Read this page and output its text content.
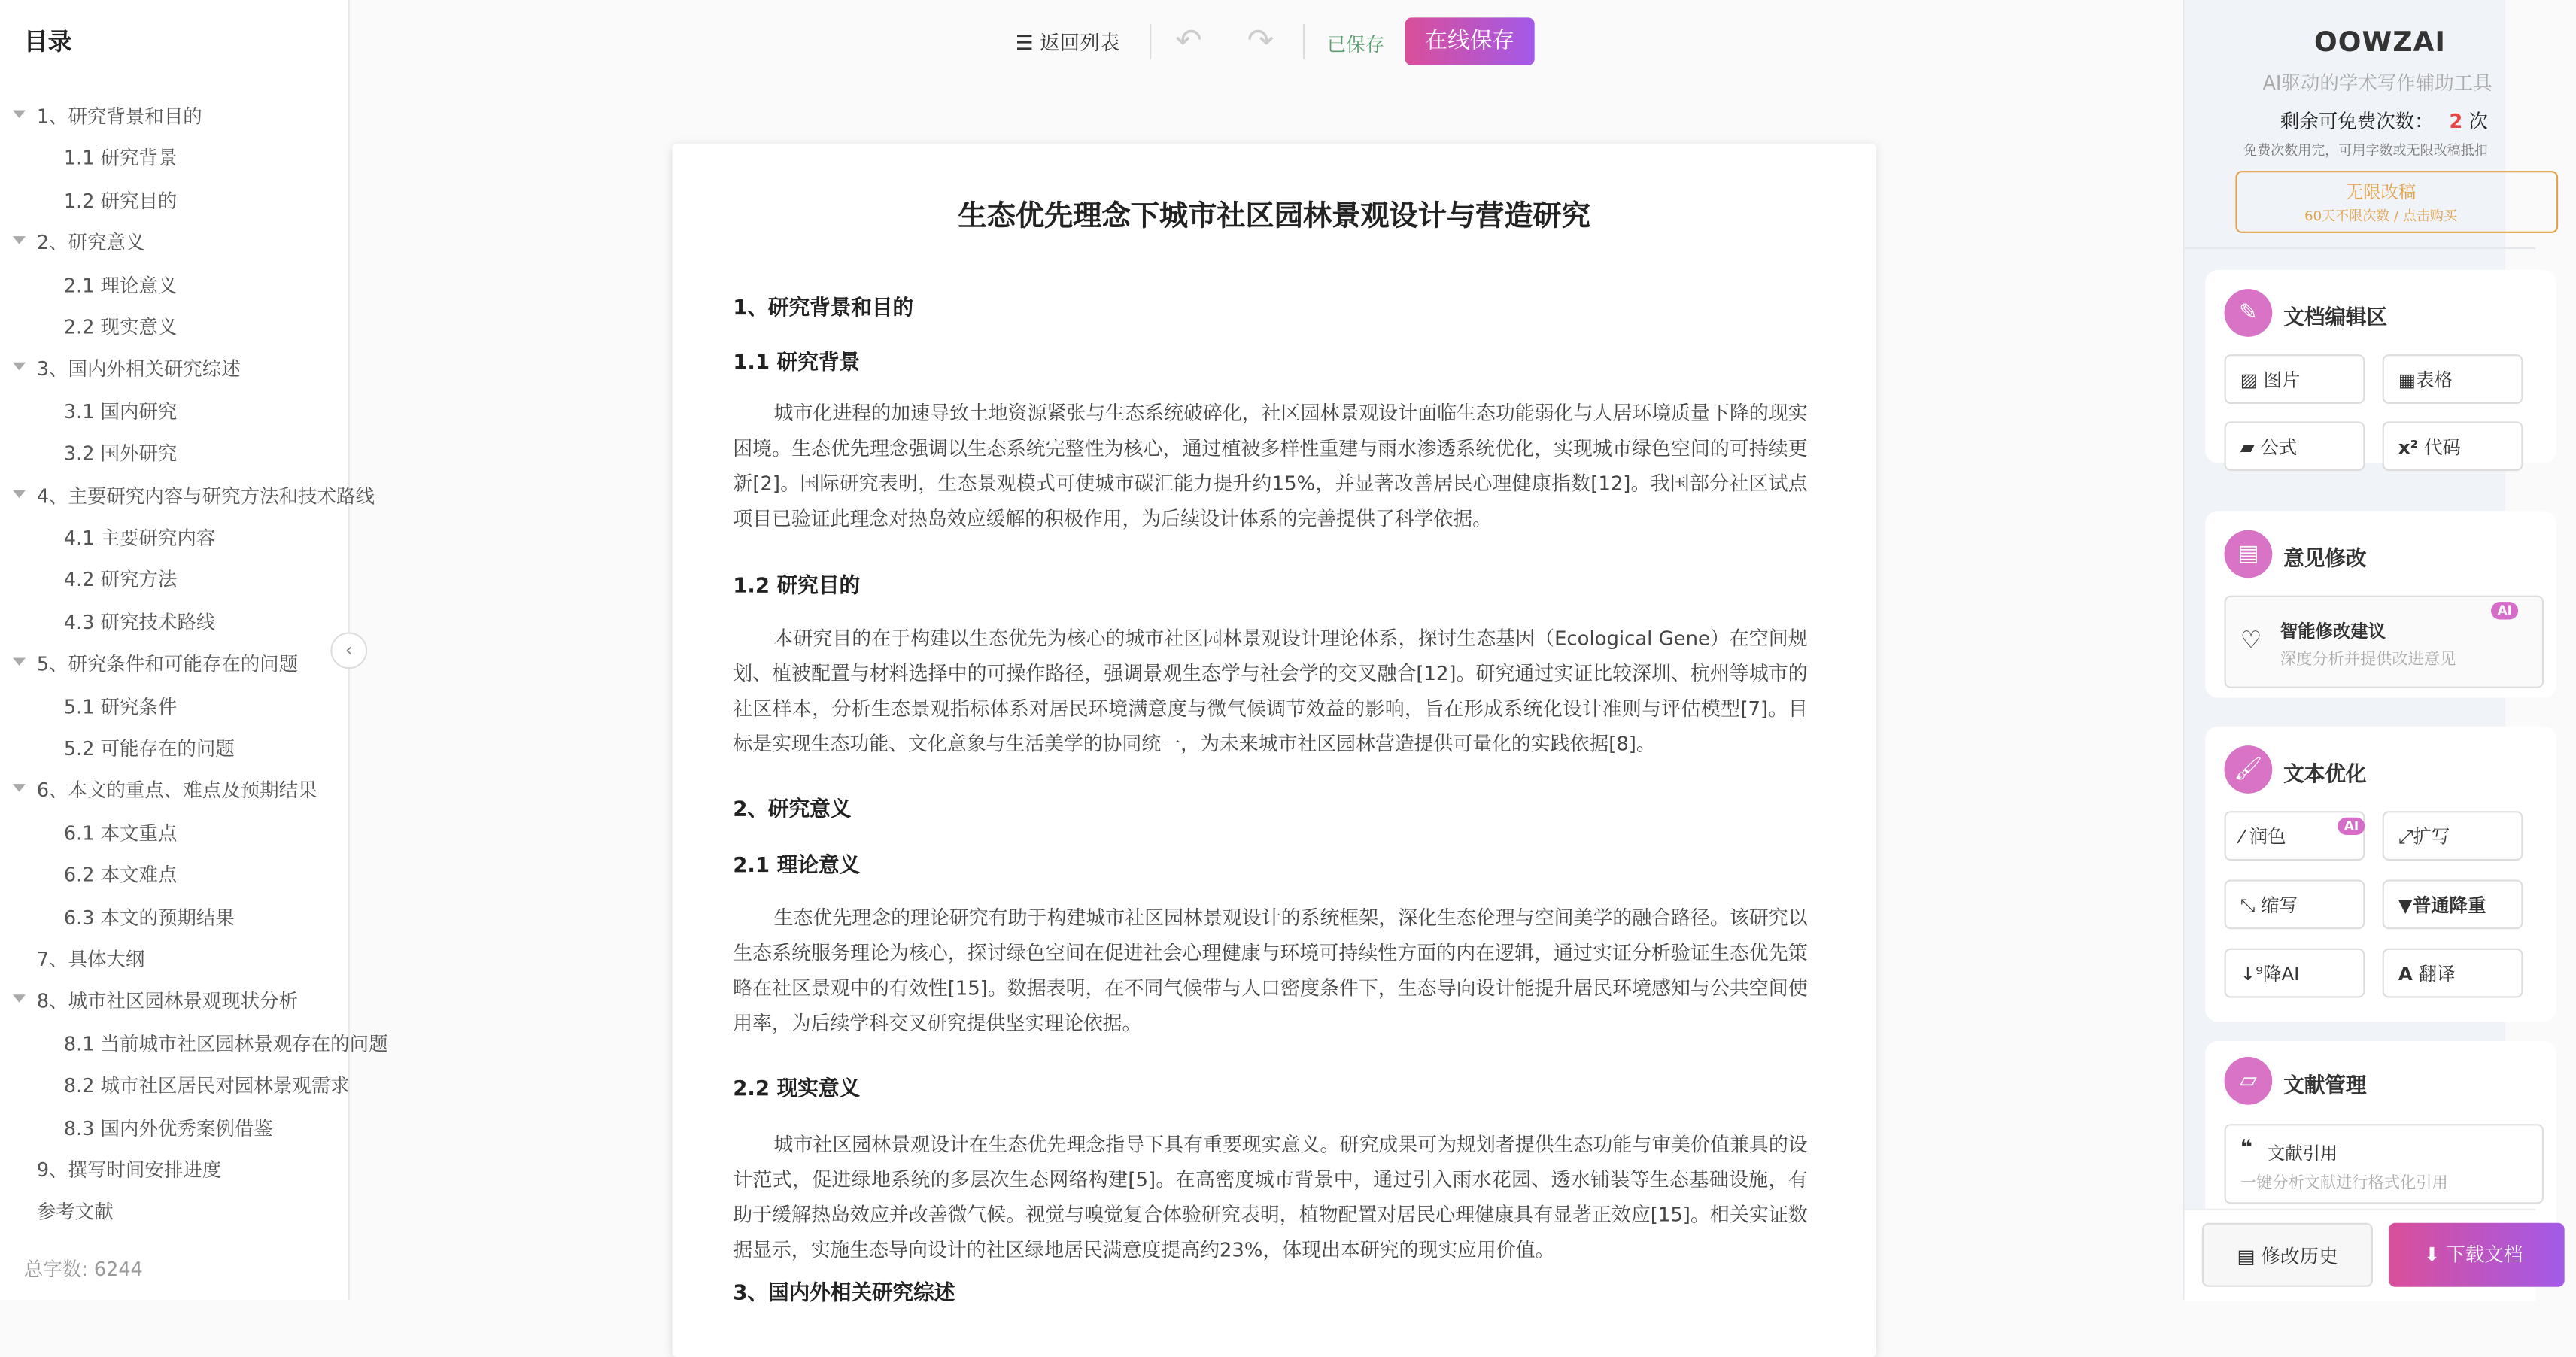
目录
1、研究背景和目的
1.1 研究背景
1.2 研究目的
2、研究意义
2.1 理论意义
2.2 现实意义
3、国内外相关研究综述
3.1 国内研究
3.2 国外研究
4、主要研究内容与研究方法和技术路线
4.1 主要研究内容
4.2 研究方法
4.3 研究技术路线
5、研究条件和可能存在的问题
5.1 研究条件
5.2 可能存在的问题
6、本文的重点、难点及预期结果
6.1 本文重点
6.2 本文难点
6.3 本文的预期结果
7、具体大纲
8、城市社区园林景观现状分析
8.1 当前城市社区园林景观存在的问题
8.2 城市社区居民对园林景观需求
8.3 国内外优秀案例借鉴
9、撰写时间安排进度
参考文献
总字数: 6244
‹
☰ 返回列表	↶	↷	已保存	在线保存
生态优先理念下城市社区园林景观设计与营造研究
1、研究背景和目的
1.1 研究背景
城市化进程的加速导致土地资源紧张与生态系统破碎化，社区园林景观设计面临生态功能弱化与人居环境质量下降的现实困境。生态优先理念强调以生态系统完整性为核心，通过植被多样性重建与雨水渗透系统优化，实现城市绿色空间的可持续更新[2]。国际研究表明，生态景观模式可使城市碳汇能力提升约15%，并显著改善居民心理健康指数[12]。我国部分社区试点项目已验证此理念对热岛效应缓解的积极作用，为后续设计体系的完善提供了科学依据。
1.2 研究目的
本研究目的在于构建以生态优先为核心的城市社区园林景观设计理论体系，探讨生态基因（Ecological Gene）在空间规划、植被配置与材料选择中的可操作路径，强调景观生态学与社会学的交叉融合[12]。研究通过实证比较深圳、杭州等城市的社区样本，分析生态景观指标体系对居民环境满意度与微气候调节效益的影响，旨在形成系统化设计准则与评估模型[7]。目标是实现生态功能、文化意象与生活美学的协同统一，为未来城市社区园林营造提供可量化的实践依据[8]。
2、研究意义
2.1 理论意义
生态优先理念的理论研究有助于构建城市社区园林景观设计的系统框架，深化生态伦理与空间美学的融合路径。该研究以生态系统服务理论为核心，探讨绿色空间在促进社会心理健康与环境可持续性方面的内在逻辑，通过实证分析验证生态优先策略在社区景观中的有效性[15]。数据表明，在不同气候带与人口密度条件下，生态导向设计能提升居民环境感知与公共空间使用率，为后续学科交叉研究提供坚实理论依据。
2.2 现实意义
城市社区园林景观设计在生态优先理念指导下具有重要现实意义。研究成果可为规划者提供生态功能与审美价值兼具的设计范式，促进绿地系统的多层次生态网络构建[5]。在高密度城市背景中，通过引入雨水花园、透水铺装等生态基础设施，有助于缓解热岛效应并改善微气候。视觉与嗅觉复合体验研究表明，植物配置对居民心理健康具有显著正效应[15]。相关实证数据显示，实施生态导向设计的社区绿地居民满意度提高约23%，体现出本研究的现实应用价值。
3、国内外相关研究综述
OOWZAI
AI驱动的学术写作辅助工具
剩余可免费次数： 2 次
免费次数用完，可用字数或无限改稿抵扣
无限改稿
60天不限次数 / 点击购买
✎	文档编辑区
▨ 图片	▦表格
▰ 公式	x² 代码
▤	意见修改
♡ 智能修改建议
深度分析并提供改进意见
AI
🖌	文本优化
⁄ 润色	AI	⤢扩写
⤡ 缩写	▼普通降重
↓⁹降AI	A 翻译
▱	文献管理
❝ 文献引用
一键分析文献进行格式化引用
▤ 修改历史	⬇ 下载文档
